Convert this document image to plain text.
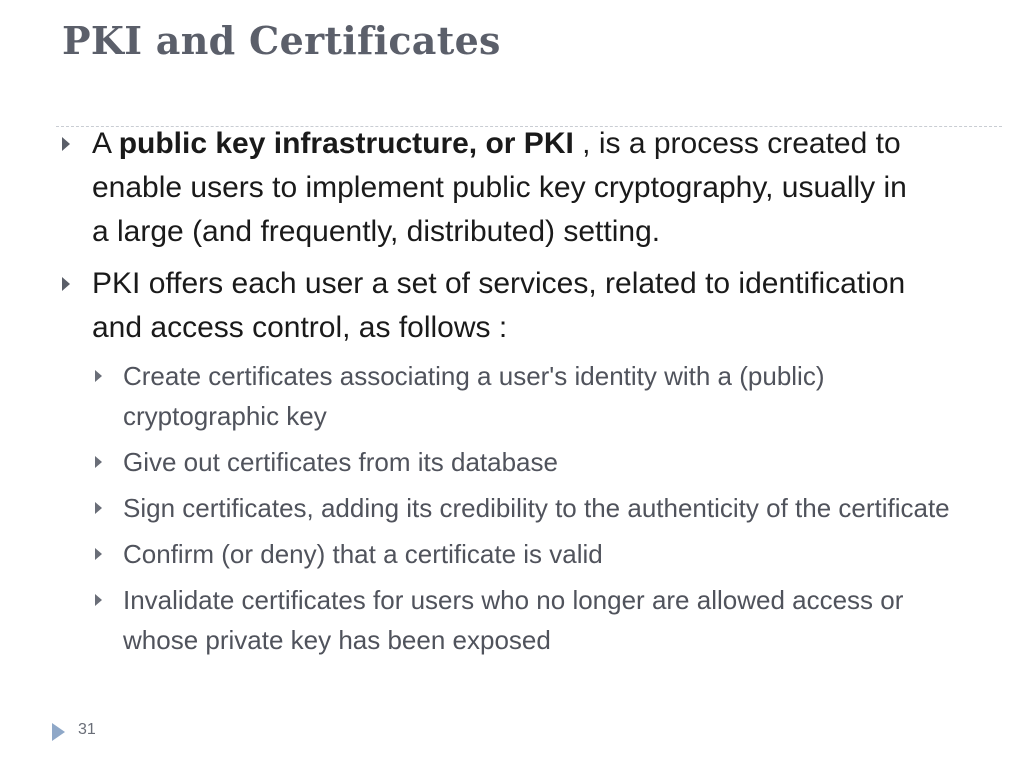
PKI and Certificates

A public key infrastructure, or PKI , is a process created to enable users to implement public key cryptography, usually in a large (and frequently, distributed) setting.

PKI offers each user a set of services, related to identification and access control, as follows :

Create certificates associating a user's identity with a (public) cryptographic key

Give out certificates from its database

Sign certificates, adding its credibility to the authenticity of the certificate

Confirm (or deny) that a certificate is valid

Invalidate certificates for users who no longer are allowed access or whose private key has been exposed

31
